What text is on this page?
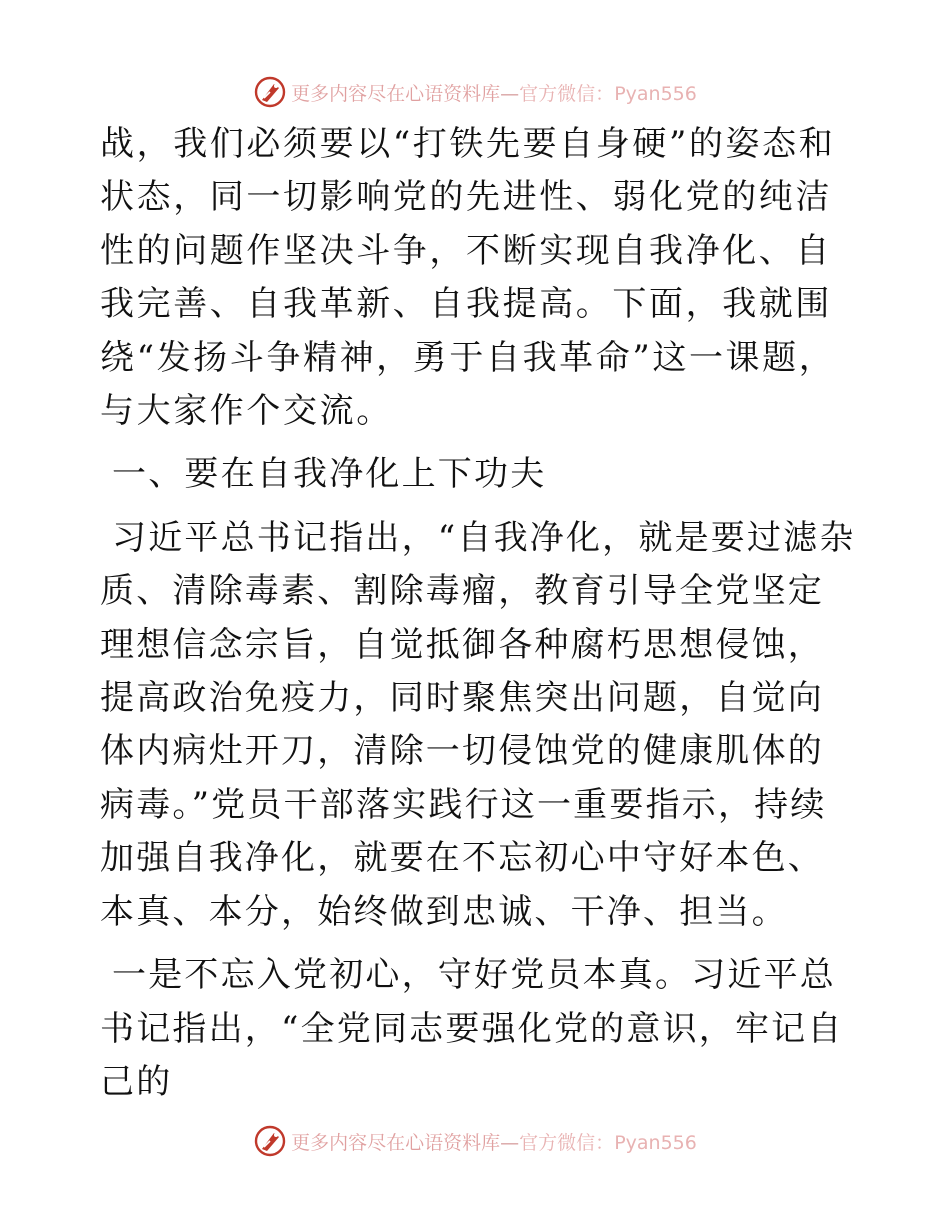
更多内容尽在心语资料库—官方微信：Pyan556

战，我们必须要以“打铁先要自身硬”的姿态和状态，同一切影响党的先进性、弱化党的纯洁性的问题作坚决斗争，不断实现自我净化、自我完善、自我革新、自我提高。下面，我就围绕“发扬斗争精神，勇于自我革命”这一课题，与大家作个交流。

一、要在自我净化上下功夫

习近平总书记指出，“自我净化，就是要过滤杂质、清除毒素、割除毒瘤，教育引导全党坚定理想信念宗旨，自觉抵御各种腐朽思想侵蚀，提高政治免疫力，同时聚焦突出问题，自觉向体内病灶开刀，清除一切侵蚀党的健康肌体的病毒。”党员干部落实践行这一重要指示，持续加强自我净化，就要在不忘初心中守好本色、本真、本分，始终做到忠诚、干净、担当。

一是不忘入党初心，守好党员本真。习近平总书记指出，“全党同志要强化党的意识，牢记自己的

更多内容尽在心语资料库—官方微信：Pyan556
